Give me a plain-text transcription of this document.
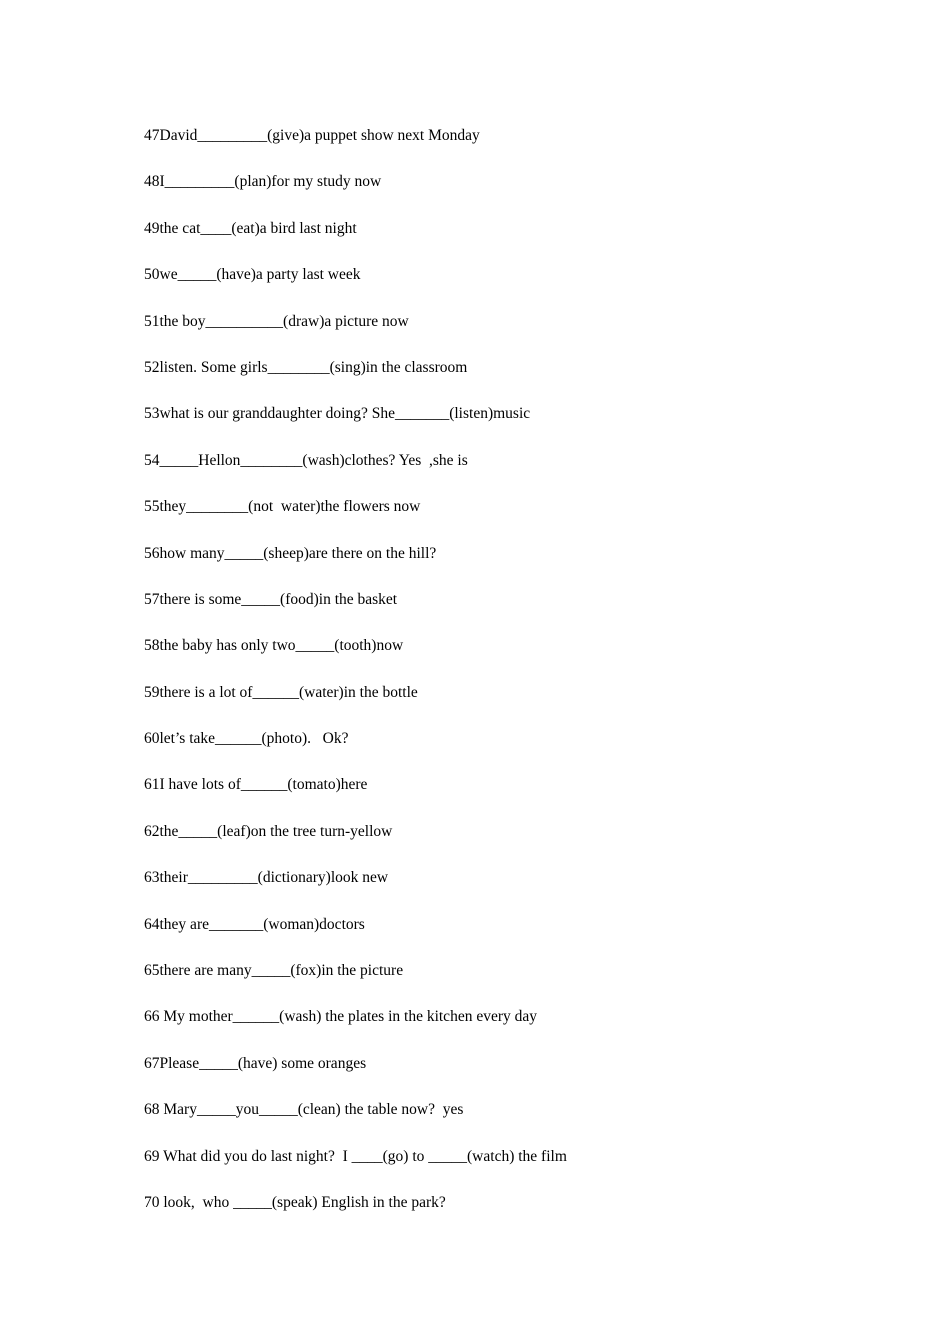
47David_________(give)a puppet show next Monday
48I_________(plan)for my study now
49the cat____(eat)a bird last night
50we_____(have)a party last week
51the boy__________(draw)a picture now
52listen. Some girls________(sing)in the classroom
53what is our granddaughter doing? She_______(listen)music
54_____Hellon________(wash)clothes? Yes  ,she is
55they________(not  water)the flowers now
56how many_____(sheep)are there on the hill?
57there is some_____(food)in the basket
58the baby has only two_____(tooth)now
59there is a lot of______(water)in the bottle
60let’s take______(photo).   Ok?
61I have lots of______(tomato)here
62the_____(leaf)on the tree turn-yellow
63their_________(dictionary)look new
64they are_______(woman)doctors
65there are many_____(fox)in the picture
66 My mother______(wash) the plates in the kitchen every day
67Please_____(have) some oranges
68 Mary_____you_____(clean) the table now?  yes
69 What did you do last night?  I ____(go) to _____(watch) the film
70 look,  who _____(speak) English in the park?
